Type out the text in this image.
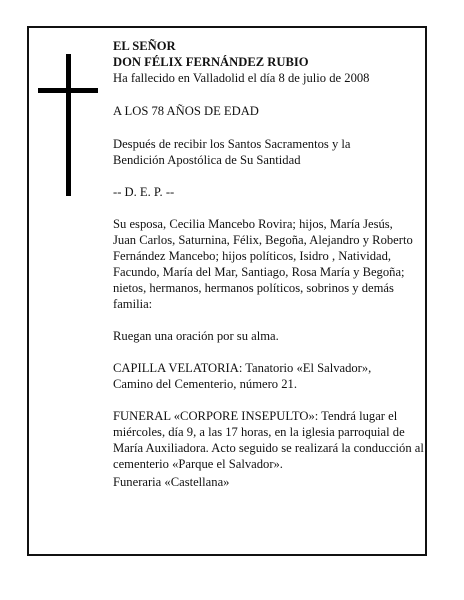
EL SEÑOR

DON FÉLIX FERNÁNDEZ RUBIO

Ha fallecido en Valladolid el día 8 de julio de 2008

A LOS 78 AÑOS DE EDAD

Después de recibir los Santos Sacramentos y la Bendición Apostólica de Su Santidad

-- D. E. P. --

Su esposa, Cecilia Mancebo Rovira; hijos, María Jesús, Juan Carlos, Saturnina, Félix, Begoña, Alejandro y Roberto Fernández Mancebo; hijos políticos, Isidro , Natividad, Facundo, María del Mar, Santiago, Rosa María y Begoña; nietos, hermanos, hermanos políticos, sobrinos y demás familia:

Ruegan una oración por su alma.

CAPILLA VELATORIA: Tanatorio «El Salvador», Camino del Cementerio, número 21.

FUNERAL «CORPORE INSEPULTO»: Tendrá lugar el miércoles, día 9, a las 17 horas, en la iglesia parroquial de María Auxiliadora. Acto seguido se realizará la conducción al cementerio «Parque el Salvador».

Funeraria «Castellana»
